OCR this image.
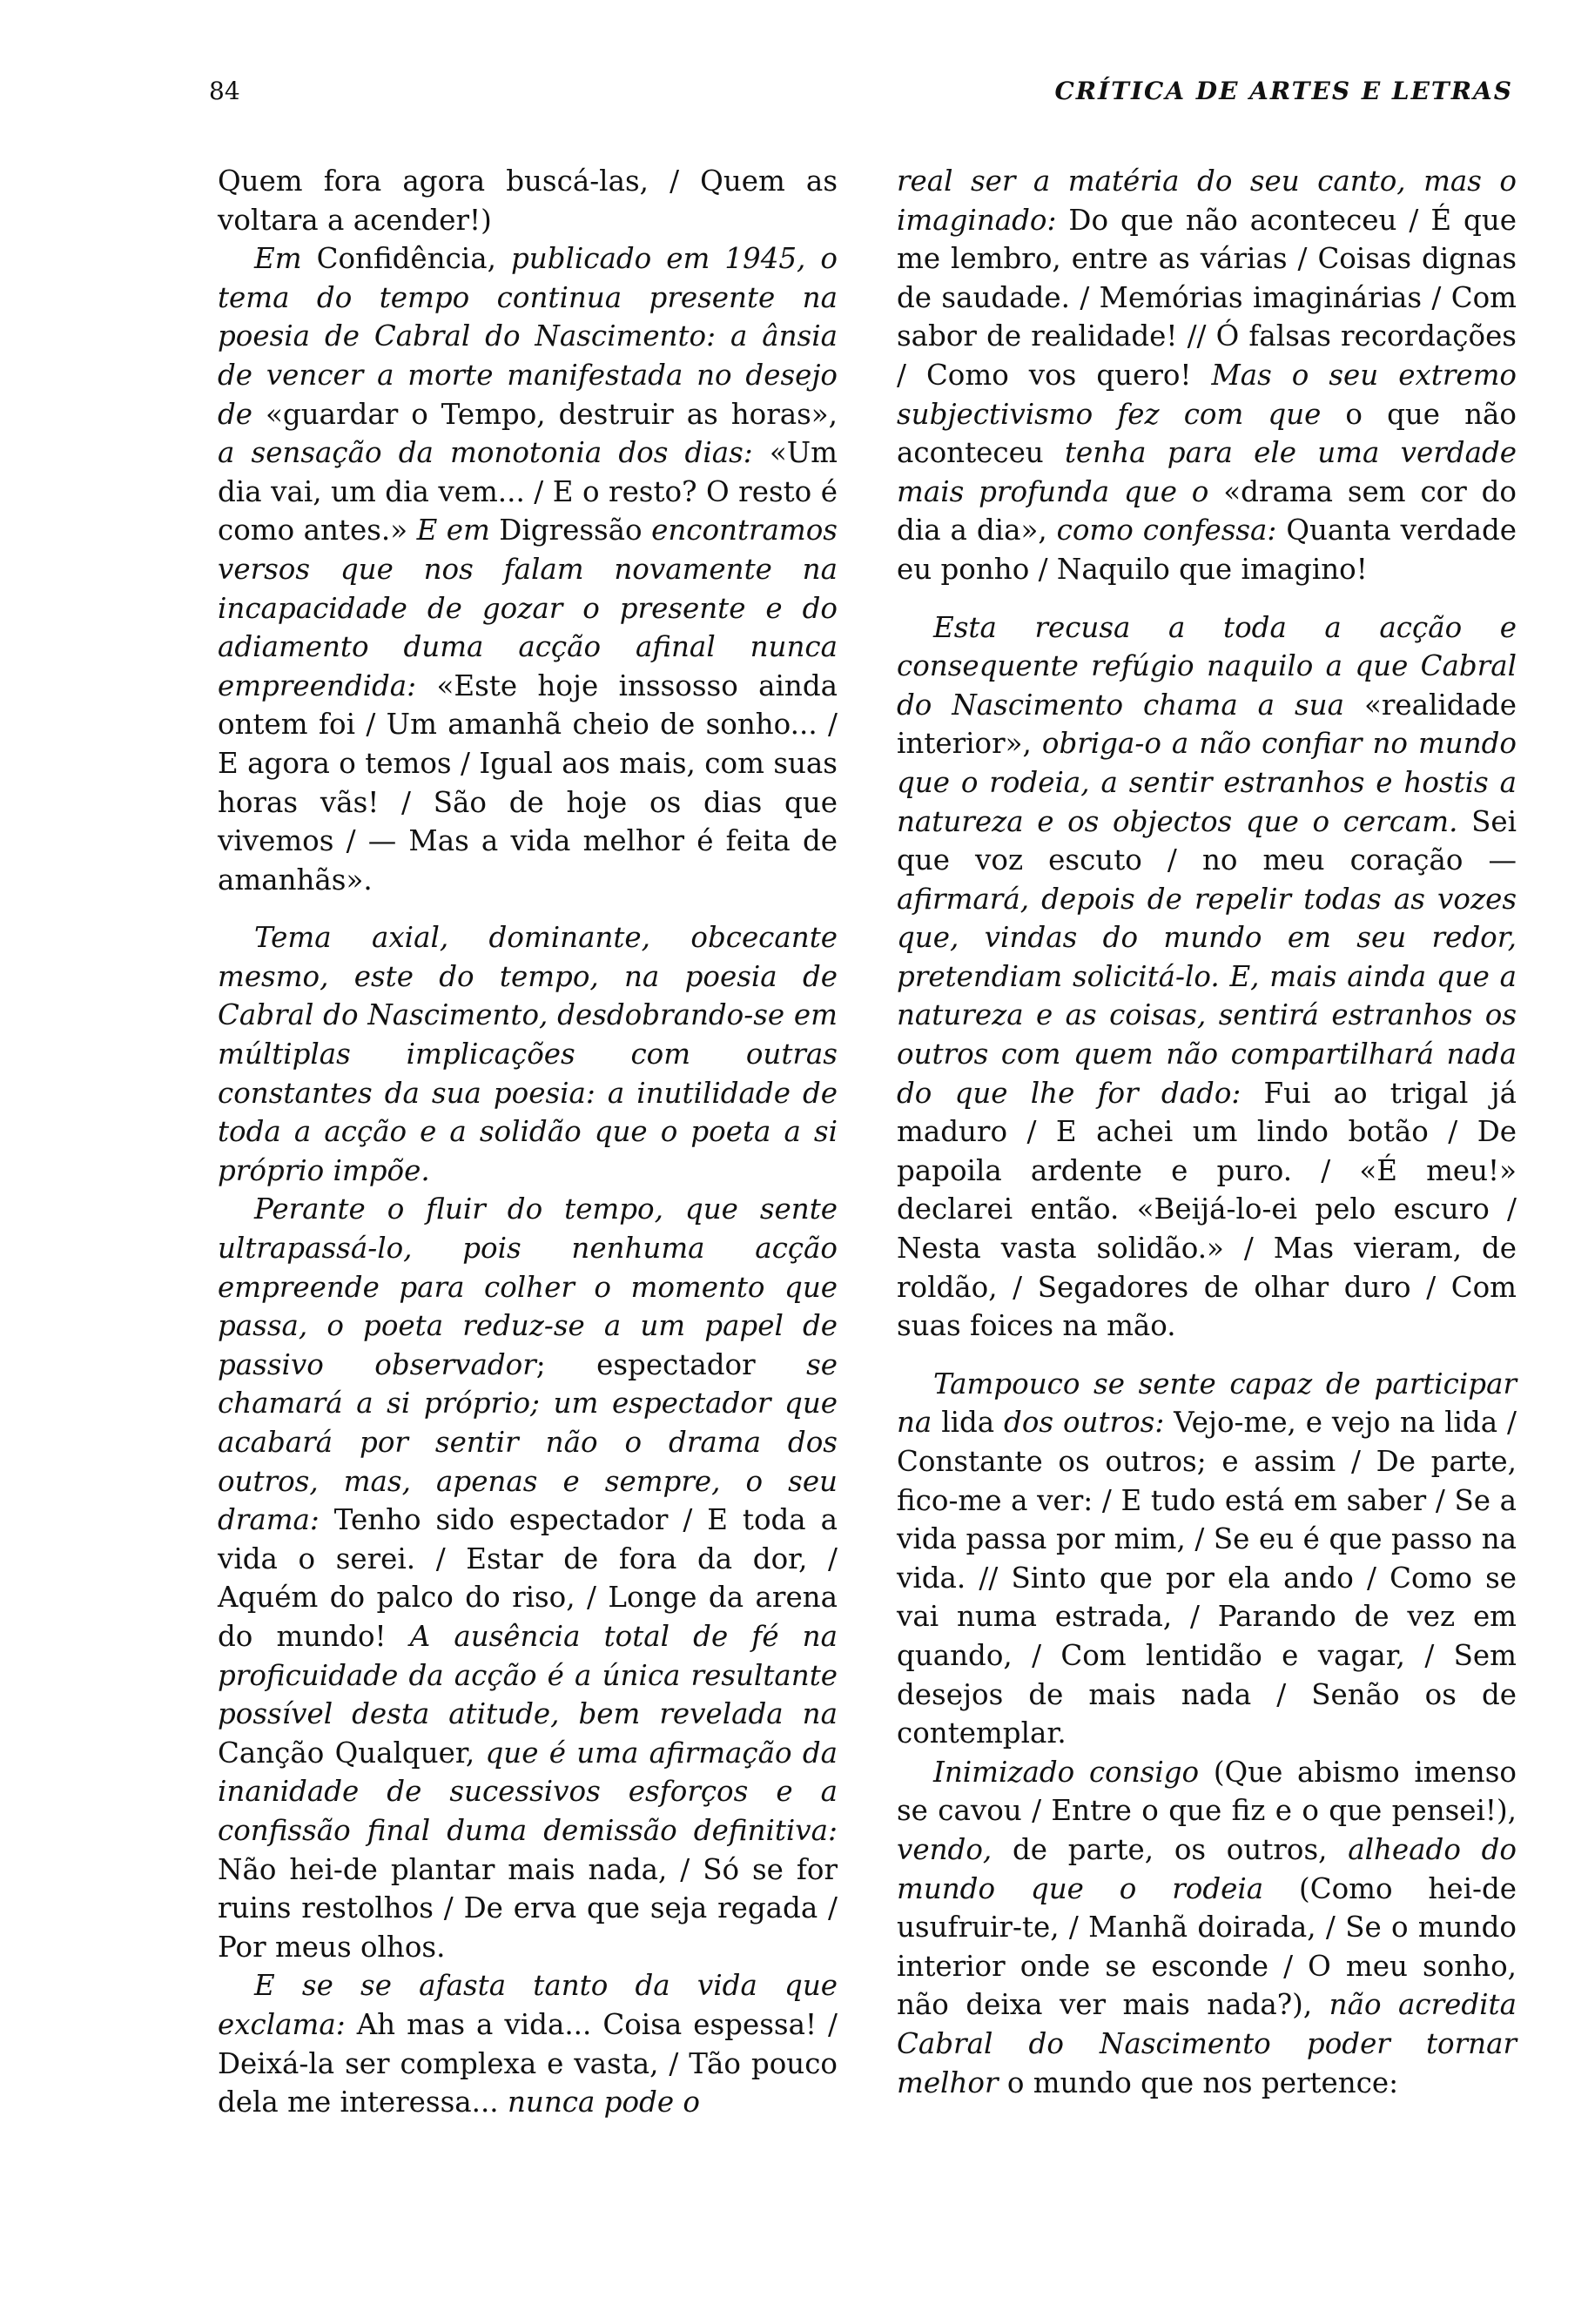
84	CRÍTICA DE ARTES E LETRAS

Quem fora agora buscá-las, / Quem as voltara a acender!)

Em Confidência, publicado em 1945, o tema do tempo continua presente na poesia de Cabral do Nascimento: a ânsia de vencer a morte manifestada no desejo de «guardar o Tempo, destruir as horas», a sensação da monotonia dos dias: «Um dia vai, um dia vem... / E o resto? O resto é como antes.» E em Digressão encontramos versos que nos falam novamente na incapacidade de gozar o presente e do adiamento duma acção afinal nunca empreendida: «Este hoje inssosso ainda ontem foi / Um amanhã cheio de sonho... / E agora o temos / Igual aos mais, com suas horas vãs! / São de hoje os dias que vivemos / — Mas a vida melhor é feita de amanhãs».

Tema axial, dominante, obcecante mesmo, este do tempo, na poesia de Cabral do Nascimento, desdobrando-se em múltiplas implicações com outras constantes da sua poesia: a inutilidade de toda a acção e a solidão que o poeta a si próprio impõe.

Perante o fluir do tempo, que sente ultrapassá-lo, pois nenhuma acção empreende para colher o momento que passa, o poeta reduz-se a um papel de passivo observador; espectador se chamará a si próprio; um espectador que acabará por sentir não o drama dos outros, mas, apenas e sempre, o seu drama: Tenho sido espectador / E toda a vida o serei. / Estar de fora da dor, / Aquém do palco do riso, / Longe da arena do mundo! A ausência total de fé na proficuidade da acção é a única resultante possível desta atitude, bem revelada na Canção Qualquer, que é uma afirmação da inanidade de sucessivos esforços e a confissão final duma demissão definitiva: Não hei-de plantar mais nada, / Só se for ruins restolhos / De erva que seja regada / Por meus olhos.

E se se afasta tanto da vida que exclama: Ah mas a vida... Coisa espessa! / Deixá-la ser complexa e vasta, / Tão pouco dela me interessa... nunca pode o

real ser a matéria do seu canto, mas o imaginado: Do que não aconteceu / É que me lembro, entre as várias / Coisas dignas de saudade. / Memórias imaginárias / Com sabor de realidade! // Ó falsas recordações / Como vos quero! Mas o seu extremo subjectivismo fez com que o que não aconteceu tenha para ele uma verdade mais profunda que o «drama sem cor do dia a dia», como confessa: Quanta verdade eu ponho / Naquilo que imagino!

Esta recusa a toda a acção e consequente refúgio naquilo a que Cabral do Nascimento chama a sua «realidade interior», obriga-o a não confiar no mundo que o rodeia, a sentir estranhos e hostis a natureza e os objectos que o cercam. Sei que voz escuto / no meu coração — afirmará, depois de repelir todas as vozes que, vindas do mundo em seu redor, pretendiam solicitá-lo. E, mais ainda que a natureza e as coisas, sentirá estranhos os outros com quem não compartilhará nada do que lhe for dado: Fui ao trigal já maduro / E achei um lindo botão / De papoila ardente e puro. / «É meu!» declarei então. «Beijá-lo-ei pelo escuro / Nesta vasta solidão.» / Mas vieram, de roldão, / Segadores de olhar duro / Com suas foices na mão.

Tampouco se sente capaz de participar na lida dos outros: Vejo-me, e vejo na lida / Constante os outros; e assim / De parte, fico-me a ver: / E tudo está em saber / Se a vida passa por mim, / Se eu é que passo na vida. // Sinto que por ela ando / Como se vai numa estrada, / Parando de vez em quando, / Com lentidão e vagar, / Sem desejos de mais nada / Senão os de contemplar.

Inimizado consigo (Que abismo imenso se cavou / Entre o que fiz e o que pensei!), vendo, de parte, os outros, alheado do mundo que o rodeia (Como hei-de usufruir-te, / Manhã doirada, / Se o mundo interior onde se esconde / O meu sonho, não deixa ver mais nada?), não acredita Cabral do Nascimento poder tornar melhor o mundo que nos pertence:
